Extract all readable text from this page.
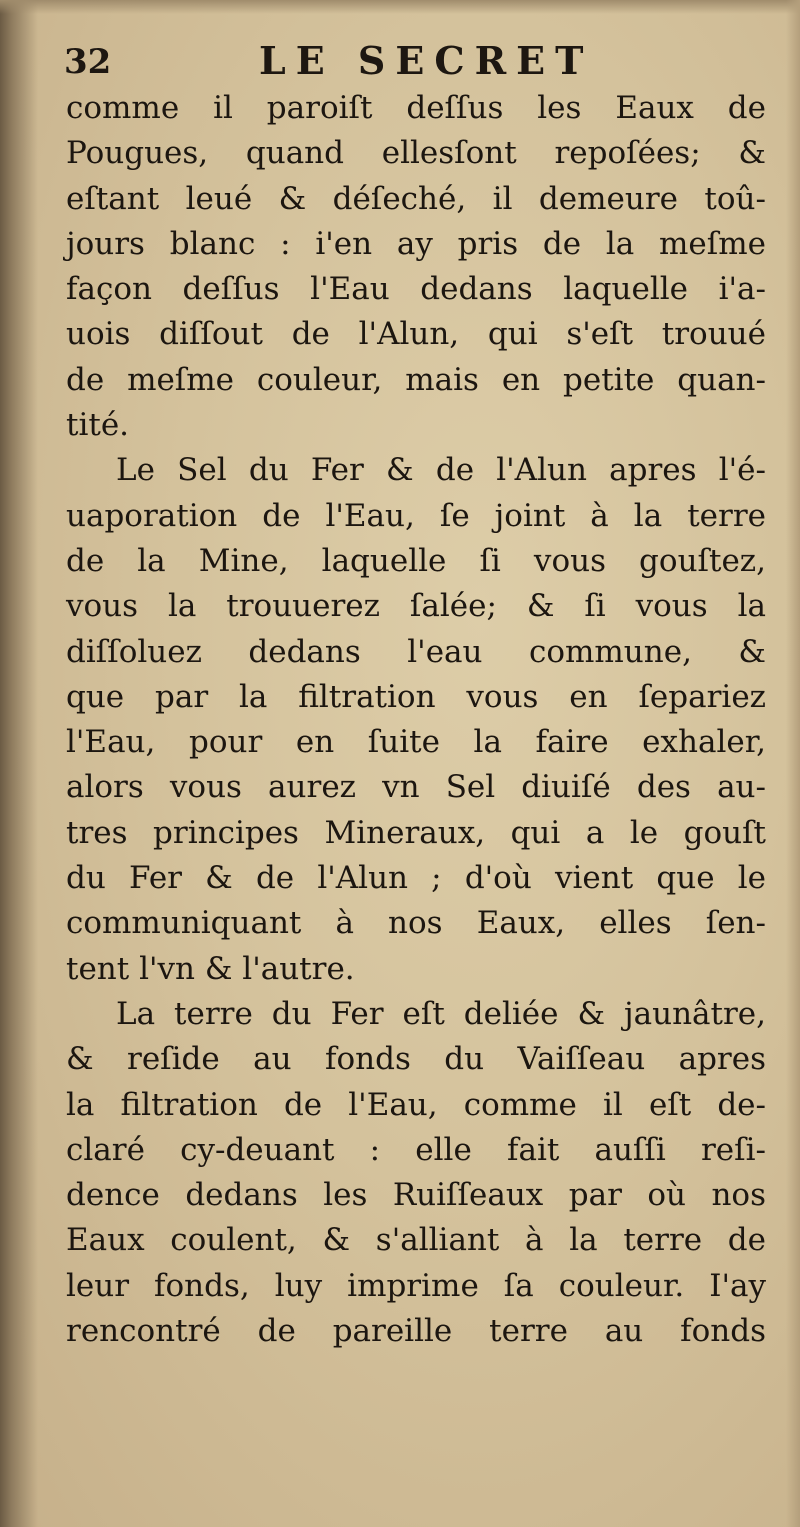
32	LE SECRET
comme il paroiſt deſſus les Eaux de
Pougues, quand ellesſont repoſées; &
eſtant leué & déſeché, il demeure toû-
jours blanc : i'en ay pris de la meſme
façon deſſus l'Eau dedans laquelle i'a-
uois diſſout de l'Alun, qui s'eſt trouué
de meſme couleur, mais en petite quan-
tité.
Le Sel du Fer & de l'Alun apres l'é-
uaporation de l'Eau, ſe joint à la terre
de la Mine, laquelle ſi vous gouſtez,
vous la trouuerez ſalée; & ſi vous la
diſſoluez dedans l'eau commune, &
que par la filtration vous en ſepariez
l'Eau, pour en ſuite la faire exhaler,
alors vous aurez vn Sel diuiſé des au-
tres principes Mineraux, qui a le gouſt
du Fer & de l'Alun ; d'où vient que le
communiquant à nos Eaux, elles ſen-
tent l'vn & l'autre.
La terre du Fer eſt deliée & jaunâtre,
& reſide au fonds du Vaiſſeau apres
la filtration de l'Eau, comme il eſt de-
claré cy-deuant : elle fait auſſi reſi-
dence dedans les Ruiſſeaux par où nos
Eaux coulent, & s'alliant à la terre de
leur fonds, luy imprime ſa couleur. I'ay
rencontré de pareille terre au fonds
